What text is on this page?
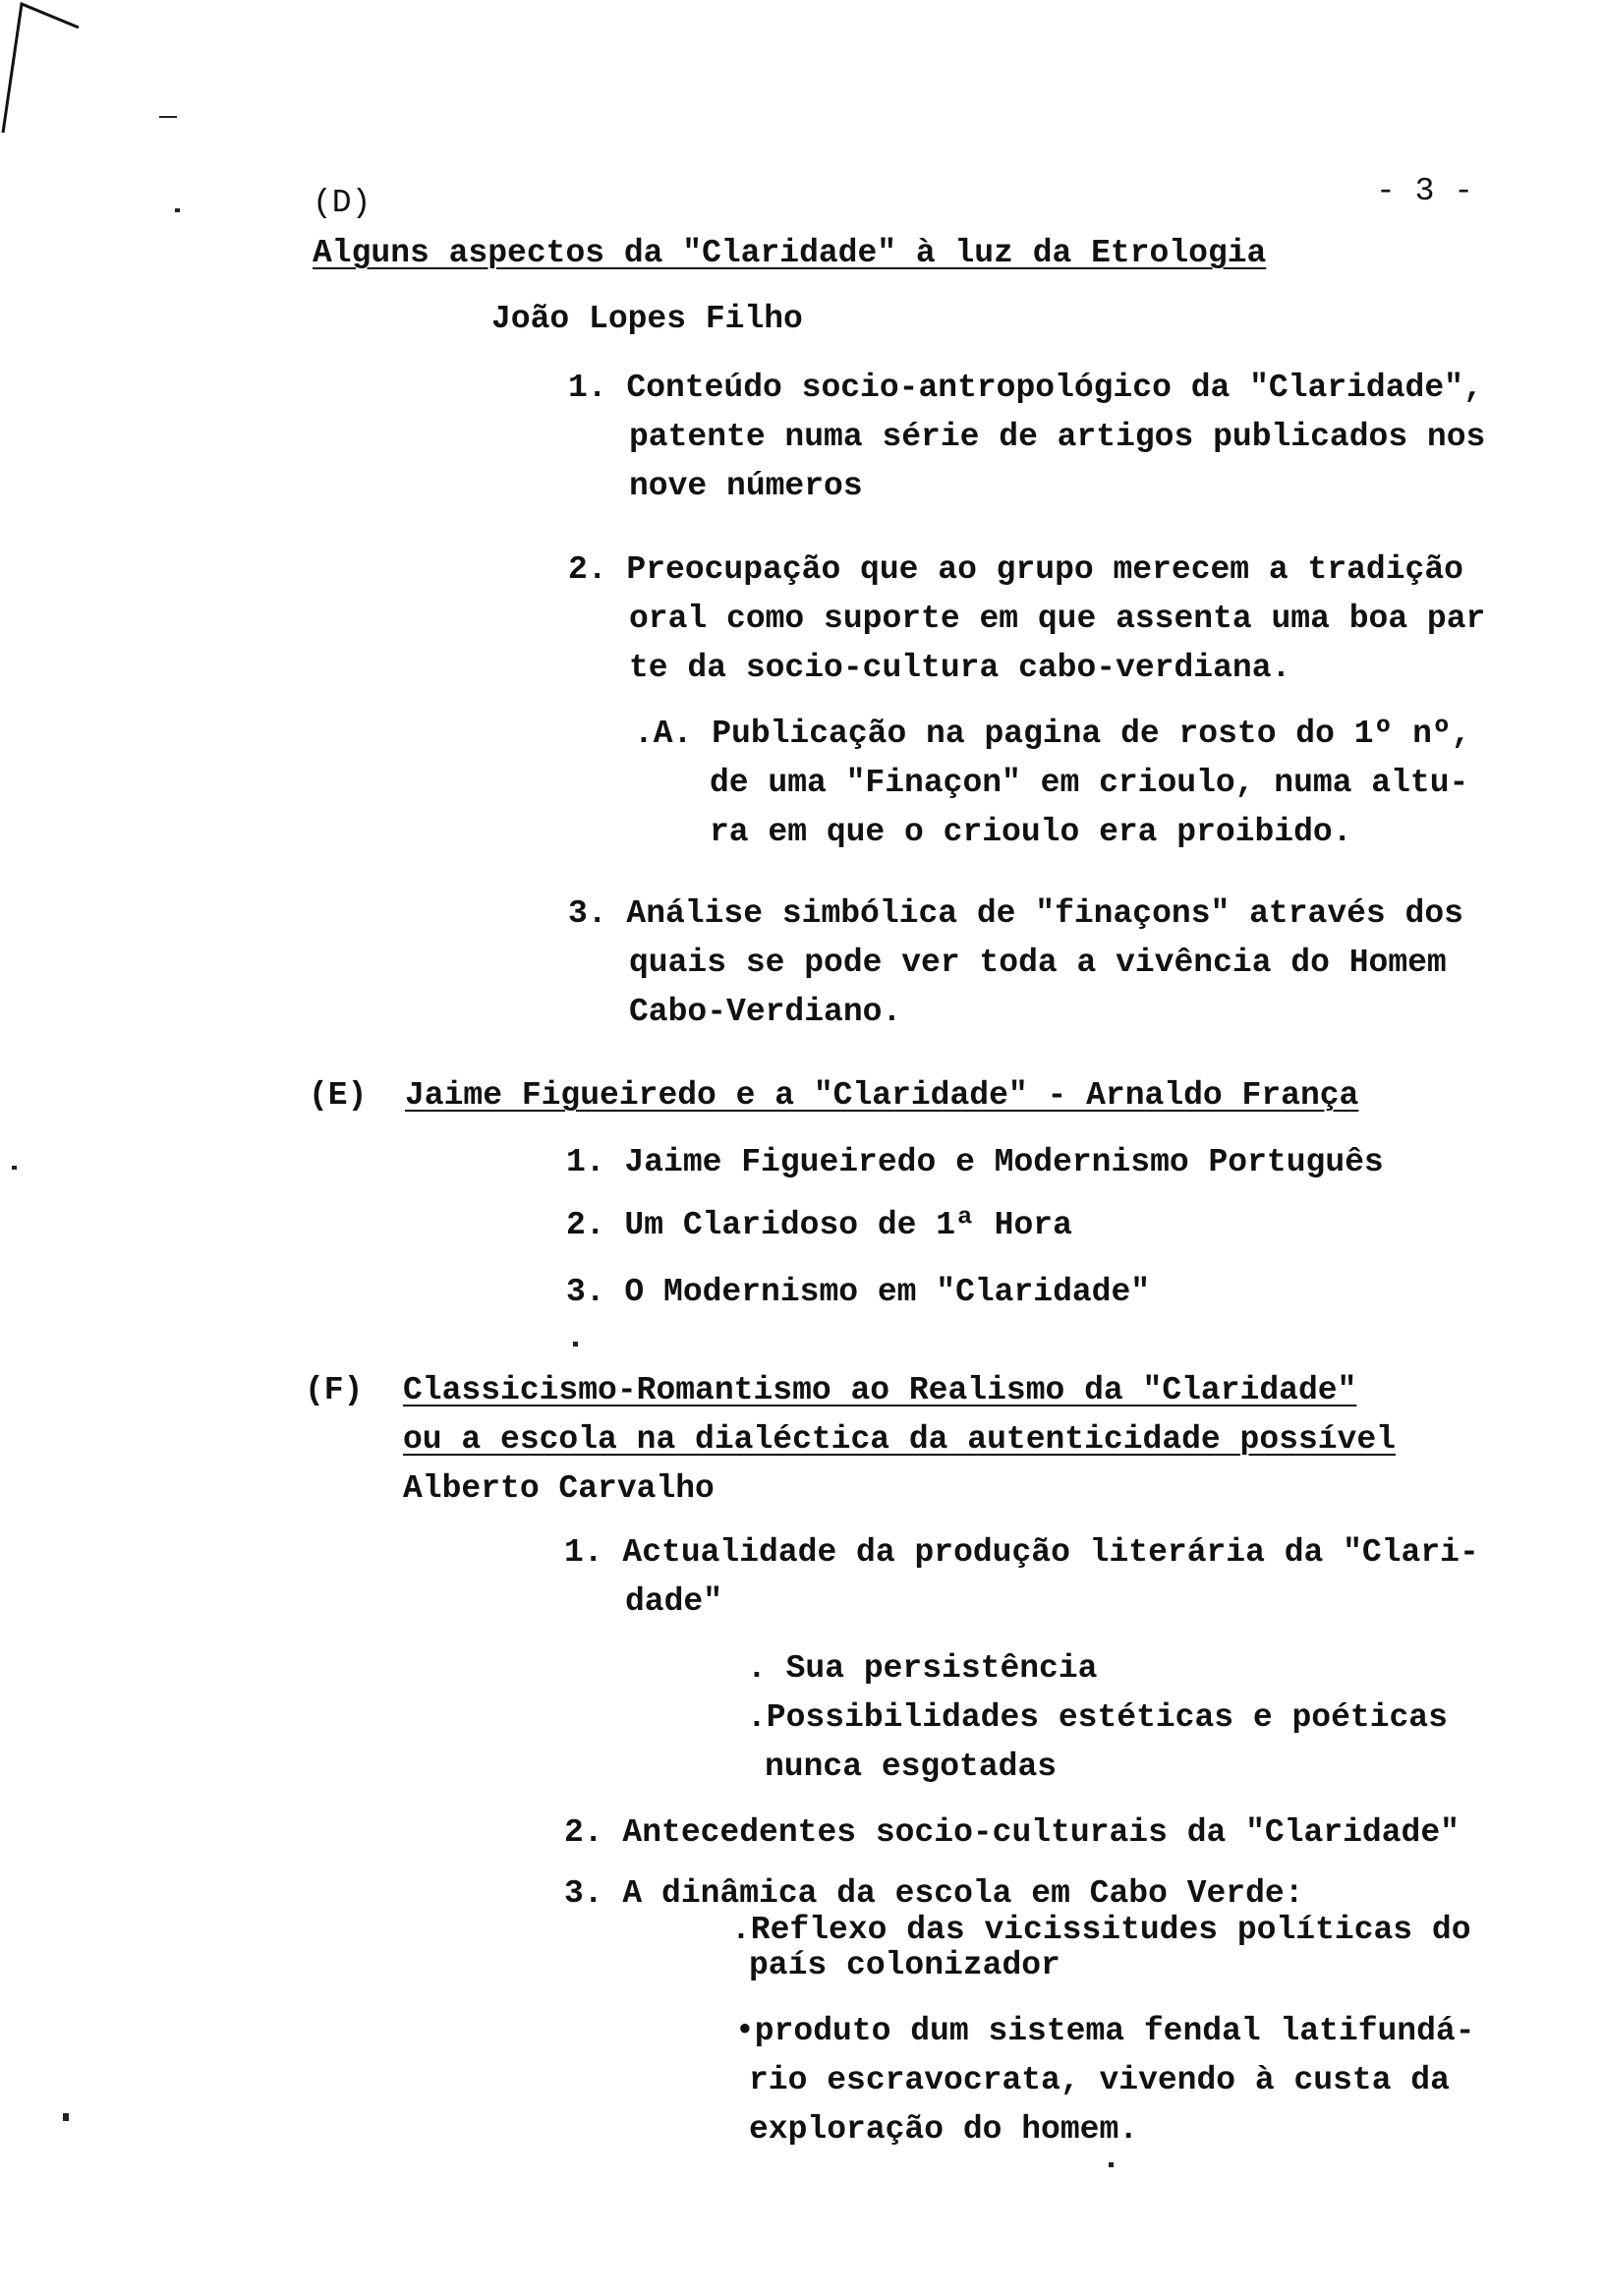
- 3 -
(D)
Alguns aspectos da "Claridade" à luz da Etrologia
João Lopes Filho
1. Conteúdo socio-antropológico da "Claridade",
patente numa série de artigos publicados nos
nove números
2. Preocupação que ao grupo merecem a tradição
oral como suporte em que assenta uma boa par
te da socio-cultura cabo-verdiana.
.A. Publicação na pagina de rosto do 1º nº,
de uma "Finaçon" em crioulo, numa altu-
ra em que o crioulo era proibido.
3. Análise simbólica de "finaçons" através dos
quais se pode ver toda a vivência do Homem
Cabo-Verdiano.
(E) Jaime Figueiredo e a "Claridade" - Arnaldo França
1. Jaime Figueiredo e Modernismo Português
2. Um Claridoso de 1ª Hora
3. O Modernismo em "Claridade"
(F) Classicismo-Romantismo ao Realismo da "Claridade"
ou a escola na dialéctica da autenticidade possível
Alberto Carvalho
1. Actualidade da produção literária da "Clari-
dade"
. Sua persistência
.Possibilidades estéticas e poéticas
nunca esgotadas
2. Antecedentes socio-culturais da "Claridade"
3. A dinâmica da escola em Cabo Verde:
.Reflexo das vicissitudes políticas do
país colonizador
•produto dum sistema fendal latifundá-
rio escravocrata, vivendo à custa da
exploração do homem.
